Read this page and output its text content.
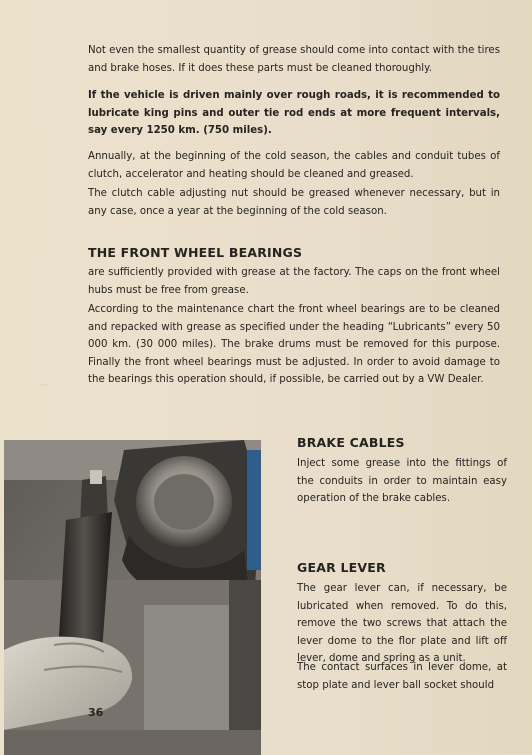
Not even the smallest quantity of grease should come into contact with the tires and brake hoses. If it does these parts must be cleaned thoroughly.

If the vehicle is driven mainly over rough roads, it is recommended to lubricate king pins and outer tie rod ends at more frequent intervals, say every 1250 km. (750 miles).

Annually, at the beginning of the cold season, the cables and conduit tubes of clutch, accelerator and heating should be cleaned and greased.

The clutch cable adjusting nut should be greased whenever necessary, but in any case, once a year at the beginning of the cold season.

THE FRONT WHEEL BEARINGS

are sufficiently provided with grease at the factory. The caps on the front wheel hubs must be free from grease.

According to the maintenance chart the front wheel bearings are to be cleaned and repacked with grease as specified under the heading “Lubricants” every 50 000 km. (30 000 miles). The brake drums must be removed for this purpose. Finally the front wheel bearings must be adjusted. In order to avoid damage to the bearings this operation should, if possible, be carried out by a VW Dealer.

—
BRAKE CABLES

Inject some grease into the fittings of the conduits in order to maintain easy operation of the brake cables.

GEAR LEVER

The gear lever can, if necessary, be lubricated when removed. To do this, remove the two screws that attach the lever dome to the flor plate and lift off lever, dome and spring as a unit.

The contact surfaces in lever dome, at stop plate and lever ball socket should

36
